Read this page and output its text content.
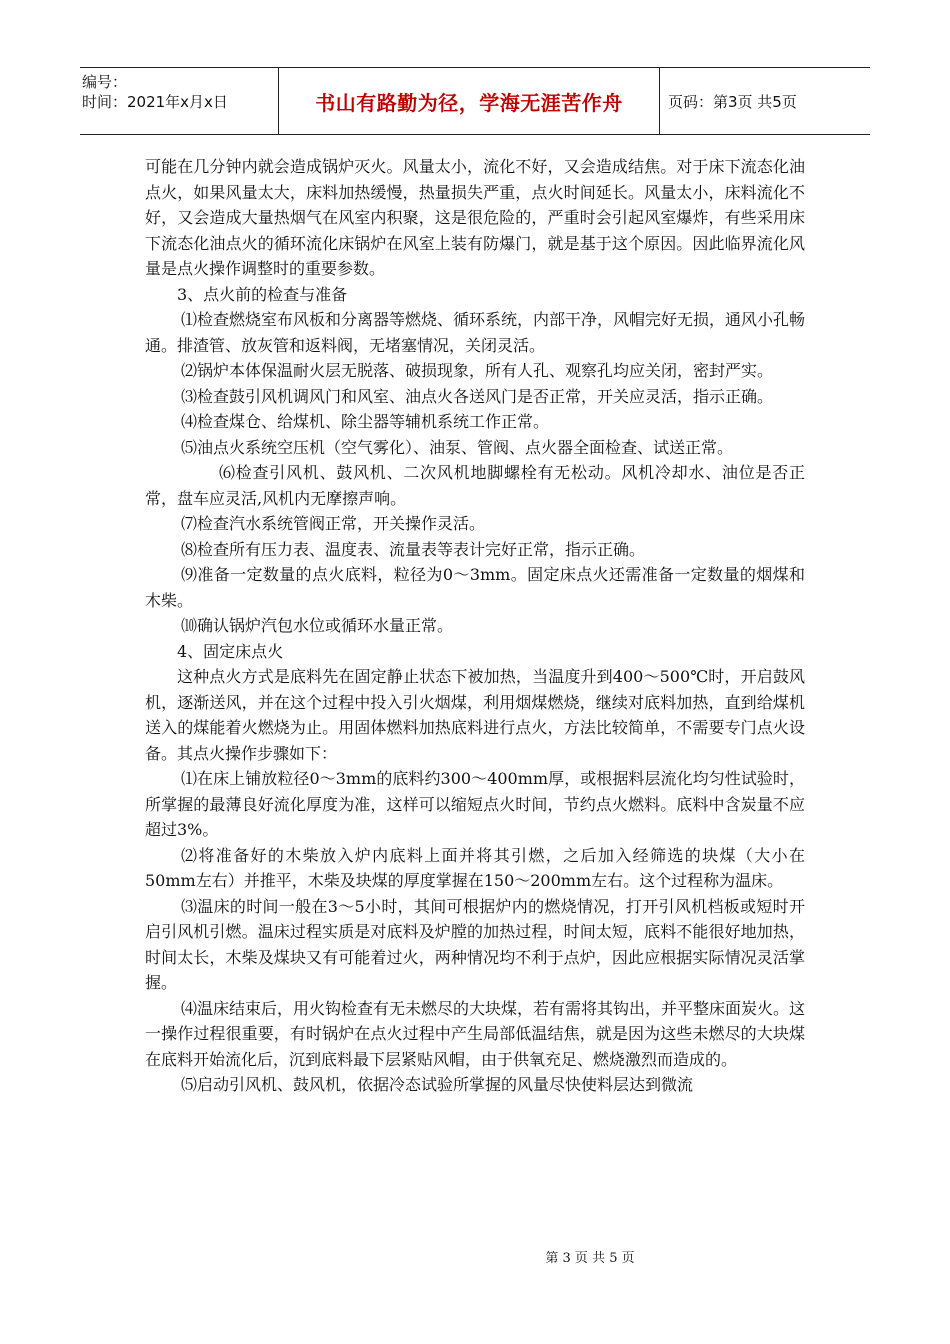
编号：
时间：2021年x月x日	书山有路勤为径，学海无涯苦作舟	页码：第3页 共5页

可能在几分钟内就会造成锅炉灭火。风量太小，流化不好，又会造成结焦。对于床下流态化油点火，如果风量太大，床料加热缓慢，热量损失严重，点火时间延长。风量太小，床料流化不好，又会造成大量热烟气在风室内积聚，这是很危险的，严重时会引起风室爆炸，有些采用床下流态化油点火的循环流化床锅炉在风室上装有防爆门，就是基于这个原因。因此临界流化风量是点火操作调整时的重要参数。

3、点火前的检查与准备

⑴检查燃烧室布风板和分离器等燃烧、循环系统，内部干净，风帽完好无损，通风小孔畅通。排渣管、放灰管和返料阀，无堵塞情况，关闭灵活。

⑵锅炉本体保温耐火层无脱落、破损现象，所有人孔、观察孔均应关闭，密封严实。

⑶检查鼓引风机调风门和风室、油点火各送风门是否正常，开关应灵活，指示正确。

⑷检查煤仓、给煤机、除尘器等辅机系统工作正常。

⑸油点火系统空压机（空气雾化）、油泵、管阀、点火器全面检查、试送正常。

⑹检查引风机、鼓风机、二次风机地脚螺栓有无松动。风机冷却水、油位是否正常，盘车应灵活,风机内无摩擦声响。

⑺检查汽水系统管阀正常，开关操作灵活。

⑻检查所有压力表、温度表、流量表等表计完好正常，指示正确。

⑼准备一定数量的点火底料，粒径为0～3mm。固定床点火还需准备一定数量的烟煤和木柴。

⑽确认锅炉汽包水位或循环水量正常。

4、固定床点火

这种点火方式是底料先在固定静止状态下被加热，当温度升到400～500℃时，开启鼓风机，逐渐送风，并在这个过程中投入引火烟煤，利用烟煤燃烧，继续对底料加热，直到给煤机送入的煤能着火燃烧为止。用固体燃料加热底料进行点火，方法比较简单，不需要专门点火设备。其点火操作步骤如下：

⑴在床上铺放粒径0～3mm的底料约300～400mm厚，或根据料层流化均匀性试验时，所掌握的最薄良好流化厚度为准，这样可以缩短点火时间，节约点火燃料。底料中含炭量不应超过3%。

⑵将准备好的木柴放入炉内底料上面并将其引燃，之后加入经筛选的块煤（大小在50mm左右）并推平，木柴及块煤的厚度掌握在150～200mm左右。这个过程称为温床。

⑶温床的时间一般在3～5小时，其间可根据炉内的燃烧情况，打开引风机档板或短时开启引风机引燃。温床过程实质是对底料及炉膛的加热过程，时间太短，底料不能很好地加热，时间太长，木柴及煤块又有可能着过火，两种情况均不利于点炉，因此应根据实际情况灵活掌握。

⑷温床结束后，用火钩检查有无未燃尽的大块煤，若有需将其钩出，并平整床面炭火。这一操作过程很重要，有时锅炉在点火过程中产生局部低温结焦，就是因为这些未燃尽的大块煤在底料开始流化后，沉到底料最下层紧贴风帽，由于供氧充足、燃烧激烈而造成的。

⑸启动引风机、鼓风机，依据冷态试验所掌握的风量尽快使料层达到微流

第 3 页 共 5 页
